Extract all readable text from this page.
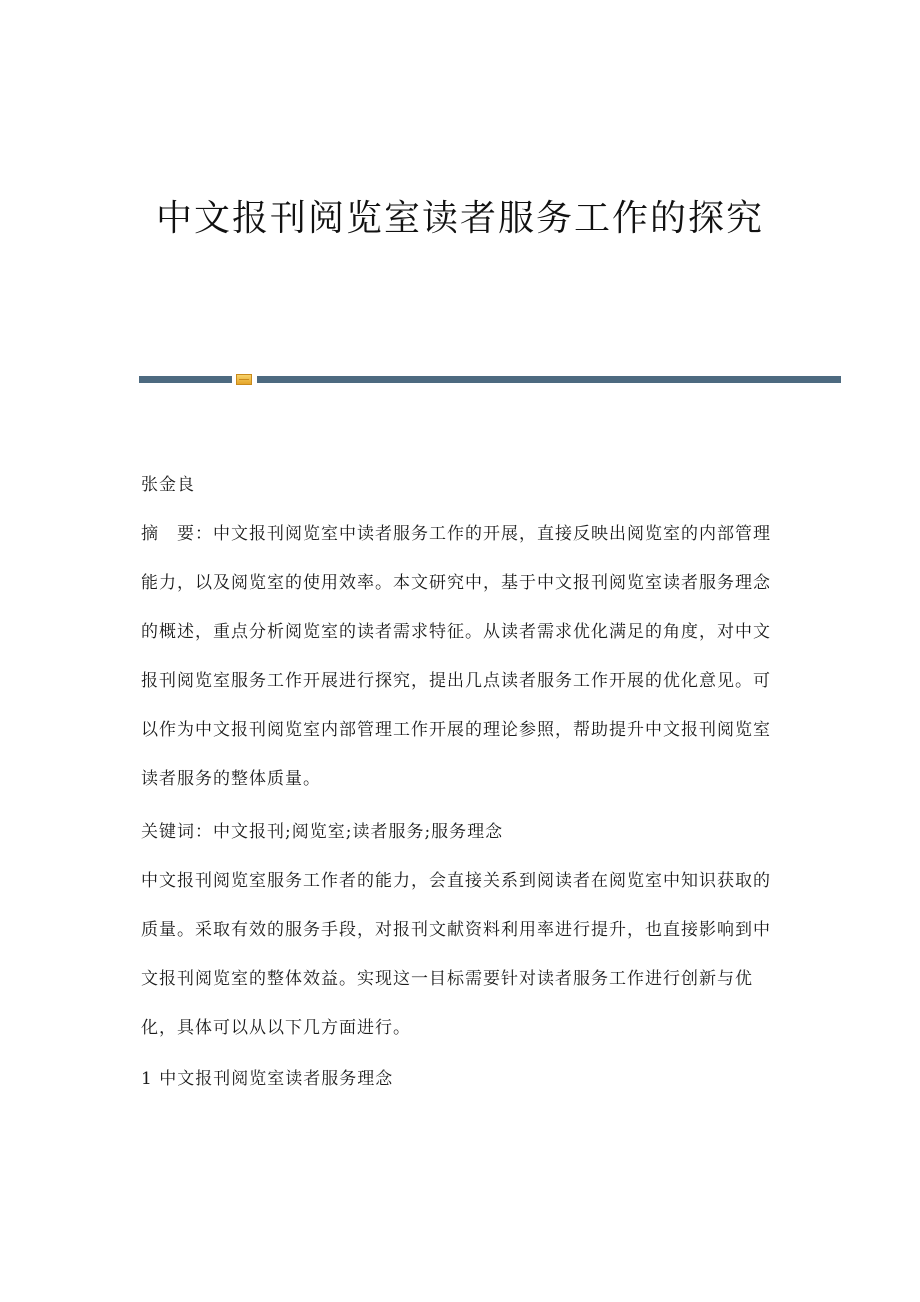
中文报刊阅览室读者服务工作的探究

张金良

摘　要：中文报刊阅览室中读者服务工作的开展，直接反映出阅览室的内部管理能力，以及阅览室的使用效率。本文研究中，基于中文报刊阅览室读者服务理念的概述，重点分析阅览室的读者需求特征。从读者需求优化满足的角度，对中文报刊阅览室服务工作开展进行探究，提出几点读者服务工作开展的优化意见。可以作为中文报刊阅览室内部管理工作开展的理论参照，帮助提升中文报刊阅览室读者服务的整体质量。

关键词：中文报刊;阅览室;读者服务;服务理念

中文报刊阅览室服务工作者的能力，会直接关系到阅读者在阅览室中知识获取的质量。采取有效的服务手段，对报刊文献资料利用率进行提升，也直接影响到中文报刊阅览室的整体效益。实现这一目标需要针对读者服务工作进行创新与优化，具体可以从以下几方面进行。

1 中文报刊阅览室读者服务理念
